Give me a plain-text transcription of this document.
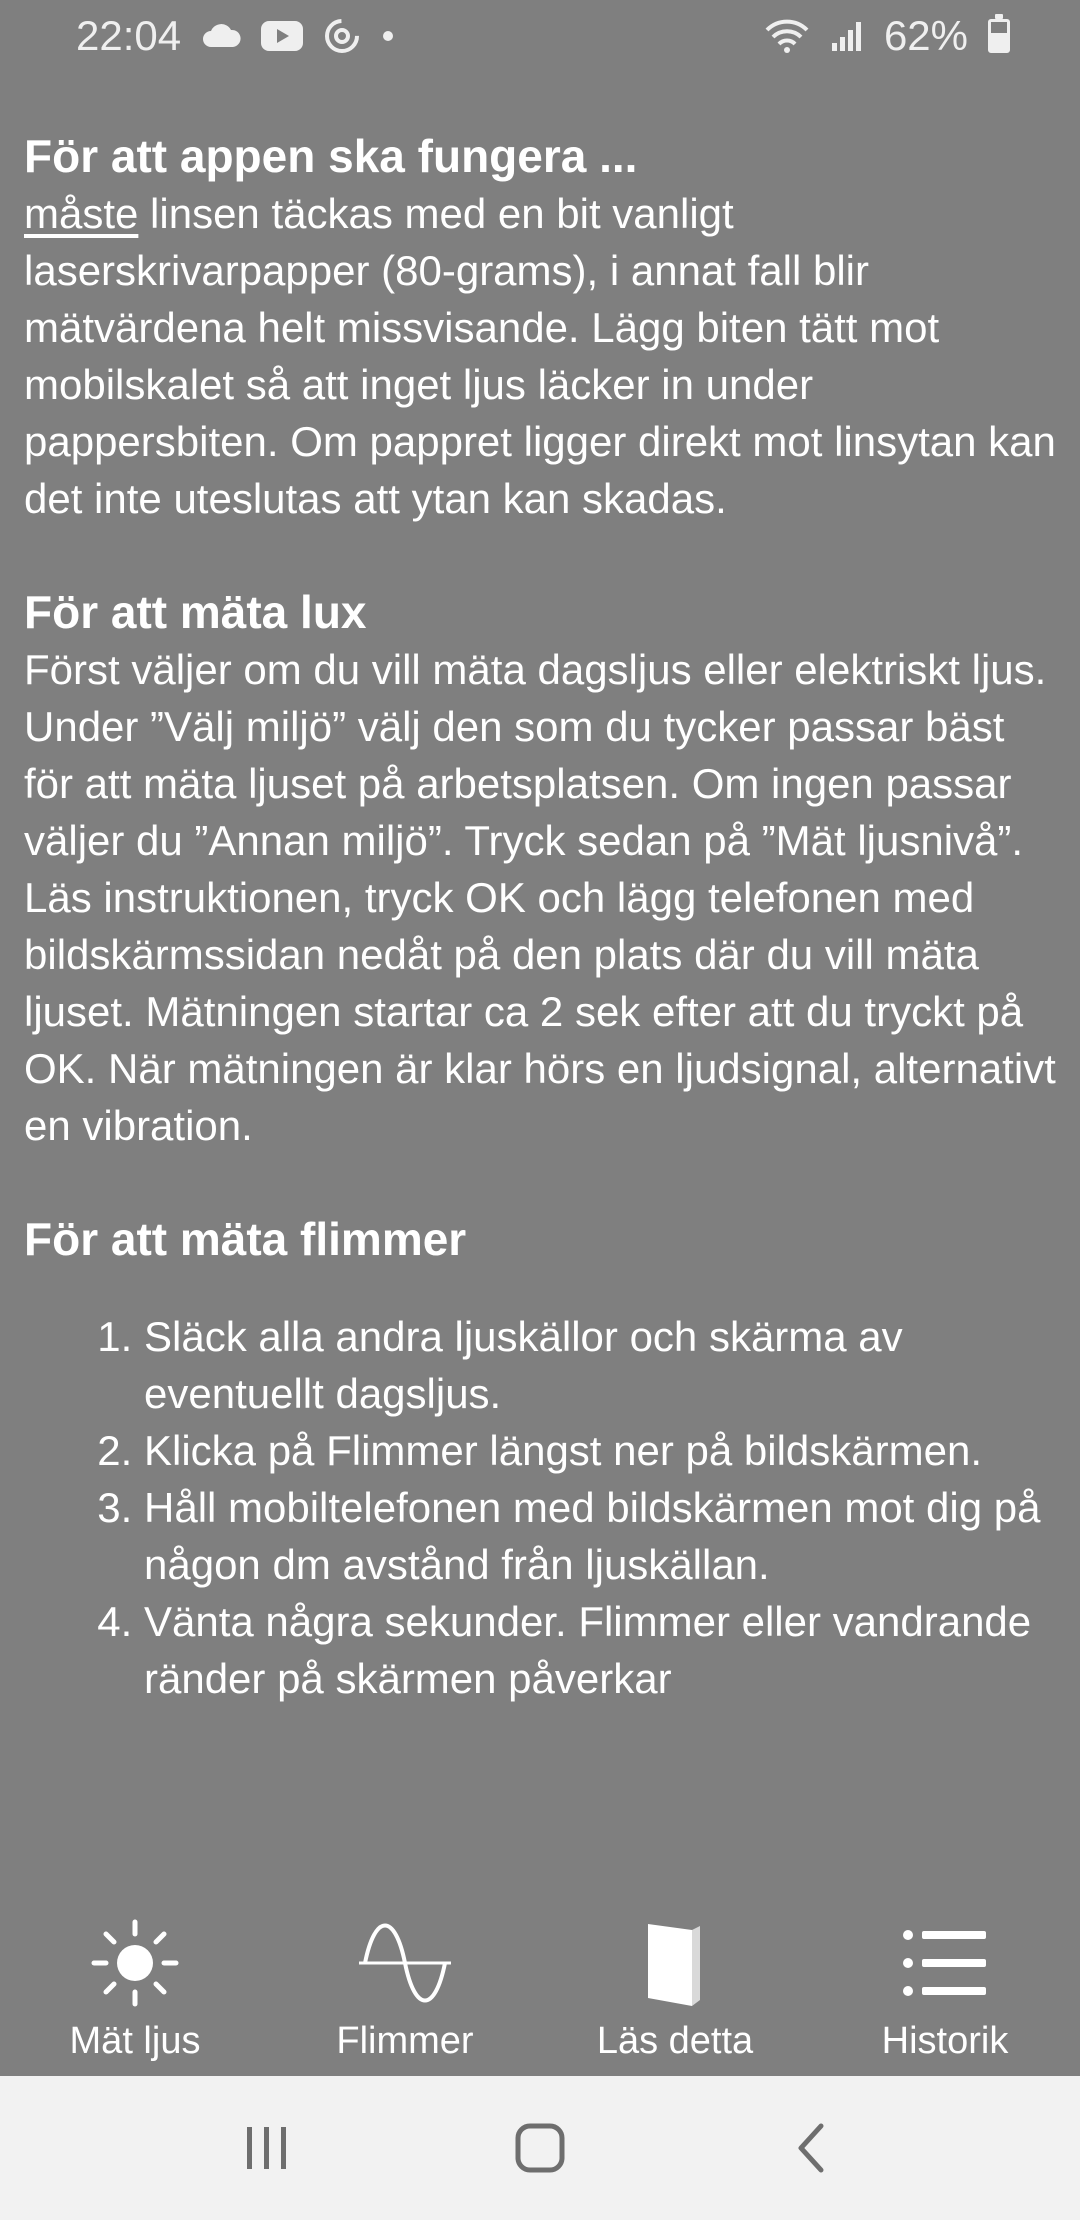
22:04	62%
För att appen ska fungera ...

måste linsen täckas med en bit vanligt laserskrivarpapper (80-grams), i annat fall blir mätvärdena helt missvisande. Lägg biten tätt mot mobilskalet så att inget ljus läcker in under pappersbiten. Om pappret ligger direkt mot linsytan kan det inte uteslutas att ytan kan skadas.

För att mäta lux

Först väljer om du vill mäta dagsljus eller elektriskt ljus. Under ”Välj miljö” välj den som du tycker passar bäst för att mäta ljuset på arbetsplatsen. Om ingen passar väljer du ”Annan miljö”. Tryck sedan på ”Mät ljusnivå”. Läs instruktionen, tryck OK och lägg telefonen med bildskärmssidan nedåt på den plats där du vill mäta ljuset. Mätningen startar ca 2 sek efter att du tryckt på OK. När mätningen är klar hörs en ljudsignal, alternativt en vibration.

För att mäta flimmer
1. Släck alla andra ljuskällor och skärma av eventuellt dagsljus.
2. Klicka på Flimmer längst ner på bildskärmen.
3. Håll mobiltelefonen med bildskärmen mot dig på någon dm avstånd från ljuskällan.
4. Vänta några sekunder. Flimmer eller vandrande ränder på skärmen påverkar
Mät ljus	Flimmer	Läs detta	Historik
